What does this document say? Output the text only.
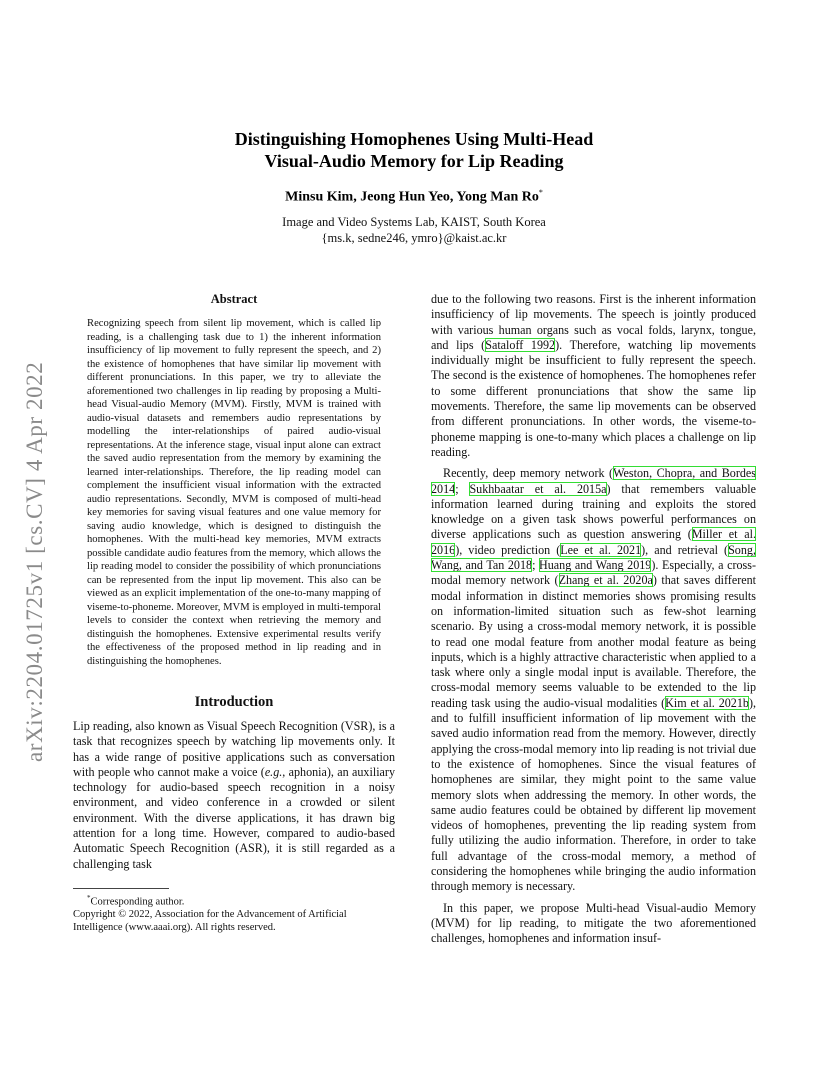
arXiv:2204.01725v1 [cs.CV] 4 Apr 2022
Distinguishing Homophenes Using Multi-Head
Visual-Audio Memory for Lip Reading
Minsu Kim, Jeong Hun Yeo, Yong Man Ro*
Image and Video Systems Lab, KAIST, South Korea
{ms.k, sedne246, ymro}@kaist.ac.kr
Abstract
Recognizing speech from silent lip movement, which is called lip reading, is a challenging task due to 1) the inherent information insufficiency of lip movement to fully represent the speech, and 2) the existence of homophenes that have similar lip movement with different pronunciations. In this paper, we try to alleviate the aforementioned two challenges in lip reading by proposing a Multi-head Visual-audio Memory (MVM). Firstly, MVM is trained with audio-visual datasets and remembers audio representations by modelling the inter-relationships of paired audio-visual representations. At the inference stage, visual input alone can extract the saved audio representation from the memory by examining the learned inter-relationships. Therefore, the lip reading model can complement the insufficient visual information with the extracted audio representations. Secondly, MVM is composed of multi-head key memories for saving visual features and one value memory for saving audio knowledge, which is designed to distinguish the homophenes. With the multi-head key memories, MVM extracts possible candidate audio features from the memory, which allows the lip reading model to consider the possibility of which pronunciations can be represented from the input lip movement. This also can be viewed as an explicit implementation of the one-to-many mapping of viseme-to-phoneme. Moreover, MVM is employed in multi-temporal levels to consider the context when retrieving the memory and distinguish the homophenes. Extensive experimental results verify the effectiveness of the proposed method in lip reading and in distinguishing the homophenes.
Introduction

Lip reading, also known as Visual Speech Recognition (VSR), is a task that recognizes speech by watching lip movements only. It has a wide range of positive applications such as conversation with people who cannot make a voice (e.g., aphonia), an auxiliary technology for audio-based speech recognition in a noisy environment, and video conference in a crowded or silent environment. With the diverse applications, it has drawn big attention for a long time. However, compared to audio-based Automatic Speech Recognition (ASR), it is still regarded as a challenging task

*Corresponding author.
Copyright © 2022, Association for the Advancement of Artificial Intelligence (www.aaai.org). All rights reserved.

due to the following two reasons. First is the inherent information insufficiency of lip movements. The speech is jointly produced with various human organs such as vocal folds, larynx, tongue, and lips (Sataloff 1992). Therefore, watching lip movements individually might be insufficient to fully represent the speech. The second is the existence of homophenes. The homophenes refer to some different pronunciations that show the same lip movements. Therefore, the same lip movements can be observed from different pronunciations. In other words, the viseme-to-phoneme mapping is one-to-many which places a challenge on lip reading.

Recently, deep memory network (Weston, Chopra, and Bordes 2014; Sukhbaatar et al. 2015a) that remembers valuable information learned during training and exploits the stored knowledge on a given task shows powerful performances on diverse applications such as question answering (Miller et al. 2016), video prediction (Lee et al. 2021), and retrieval (Song, Wang, and Tan 2018; Huang and Wang 2019). Especially, a cross-modal memory network (Zhang et al. 2020a) that saves different modal information in distinct memories shows promising results on information-limited situation such as few-shot learning scenario. By using a cross-modal memory network, it is possible to read one modal feature from another modal feature as being inputs, which is a highly attractive characteristic when applied to a task where only a single modal input is available. Therefore, the cross-modal memory seems valuable to be extended to the lip reading task using the audio-visual modalities (Kim et al. 2021b), and to fulfill insufficient information of lip movement with the saved audio information read from the memory. However, directly applying the cross-modal memory into lip reading is not trivial due to the existence of homophenes. Since the visual features of homophenes are similar, they might point to the same value memory slots when addressing the memory. In other words, the same audio features could be obtained by different lip movement videos of homophenes, preventing the lip reading system from fully utilizing the audio information. Therefore, in order to take full advantage of the cross-modal memory, a method of considering the homophenes while bringing the audio information through memory is necessary.

In this paper, we propose Multi-head Visual-audio Memory (MVM) for lip reading, to mitigate the two aforementioned challenges, homophenes and information insuf-
